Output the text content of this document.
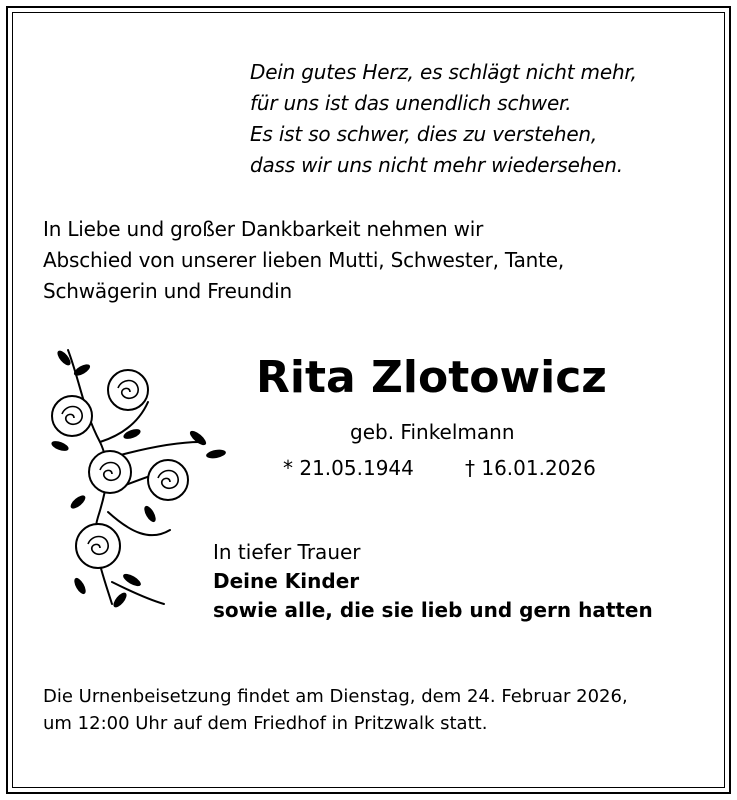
Dein gutes Herz, es schlägt nicht mehr,
für uns ist das unendlich schwer.
Es ist so schwer, dies zu verstehen,
dass wir uns nicht mehr wiedersehen.
In Liebe und großer Dankbarkeit nehmen wir
Abschied von unserer lieben Mutti, Schwester, Tante,
Schwägerin und Freundin
Rita Zlotowicz
geb. Finkelmann
* 21.05.1944	† 16.01.2026
In tiefer Trauer
Deine Kinder
sowie alle, die sie lieb und gern hatten
Die Urnenbeisetzung findet am Dienstag, dem 24. Februar 2026,
um 12:00 Uhr auf dem Friedhof in Pritzwalk statt.
